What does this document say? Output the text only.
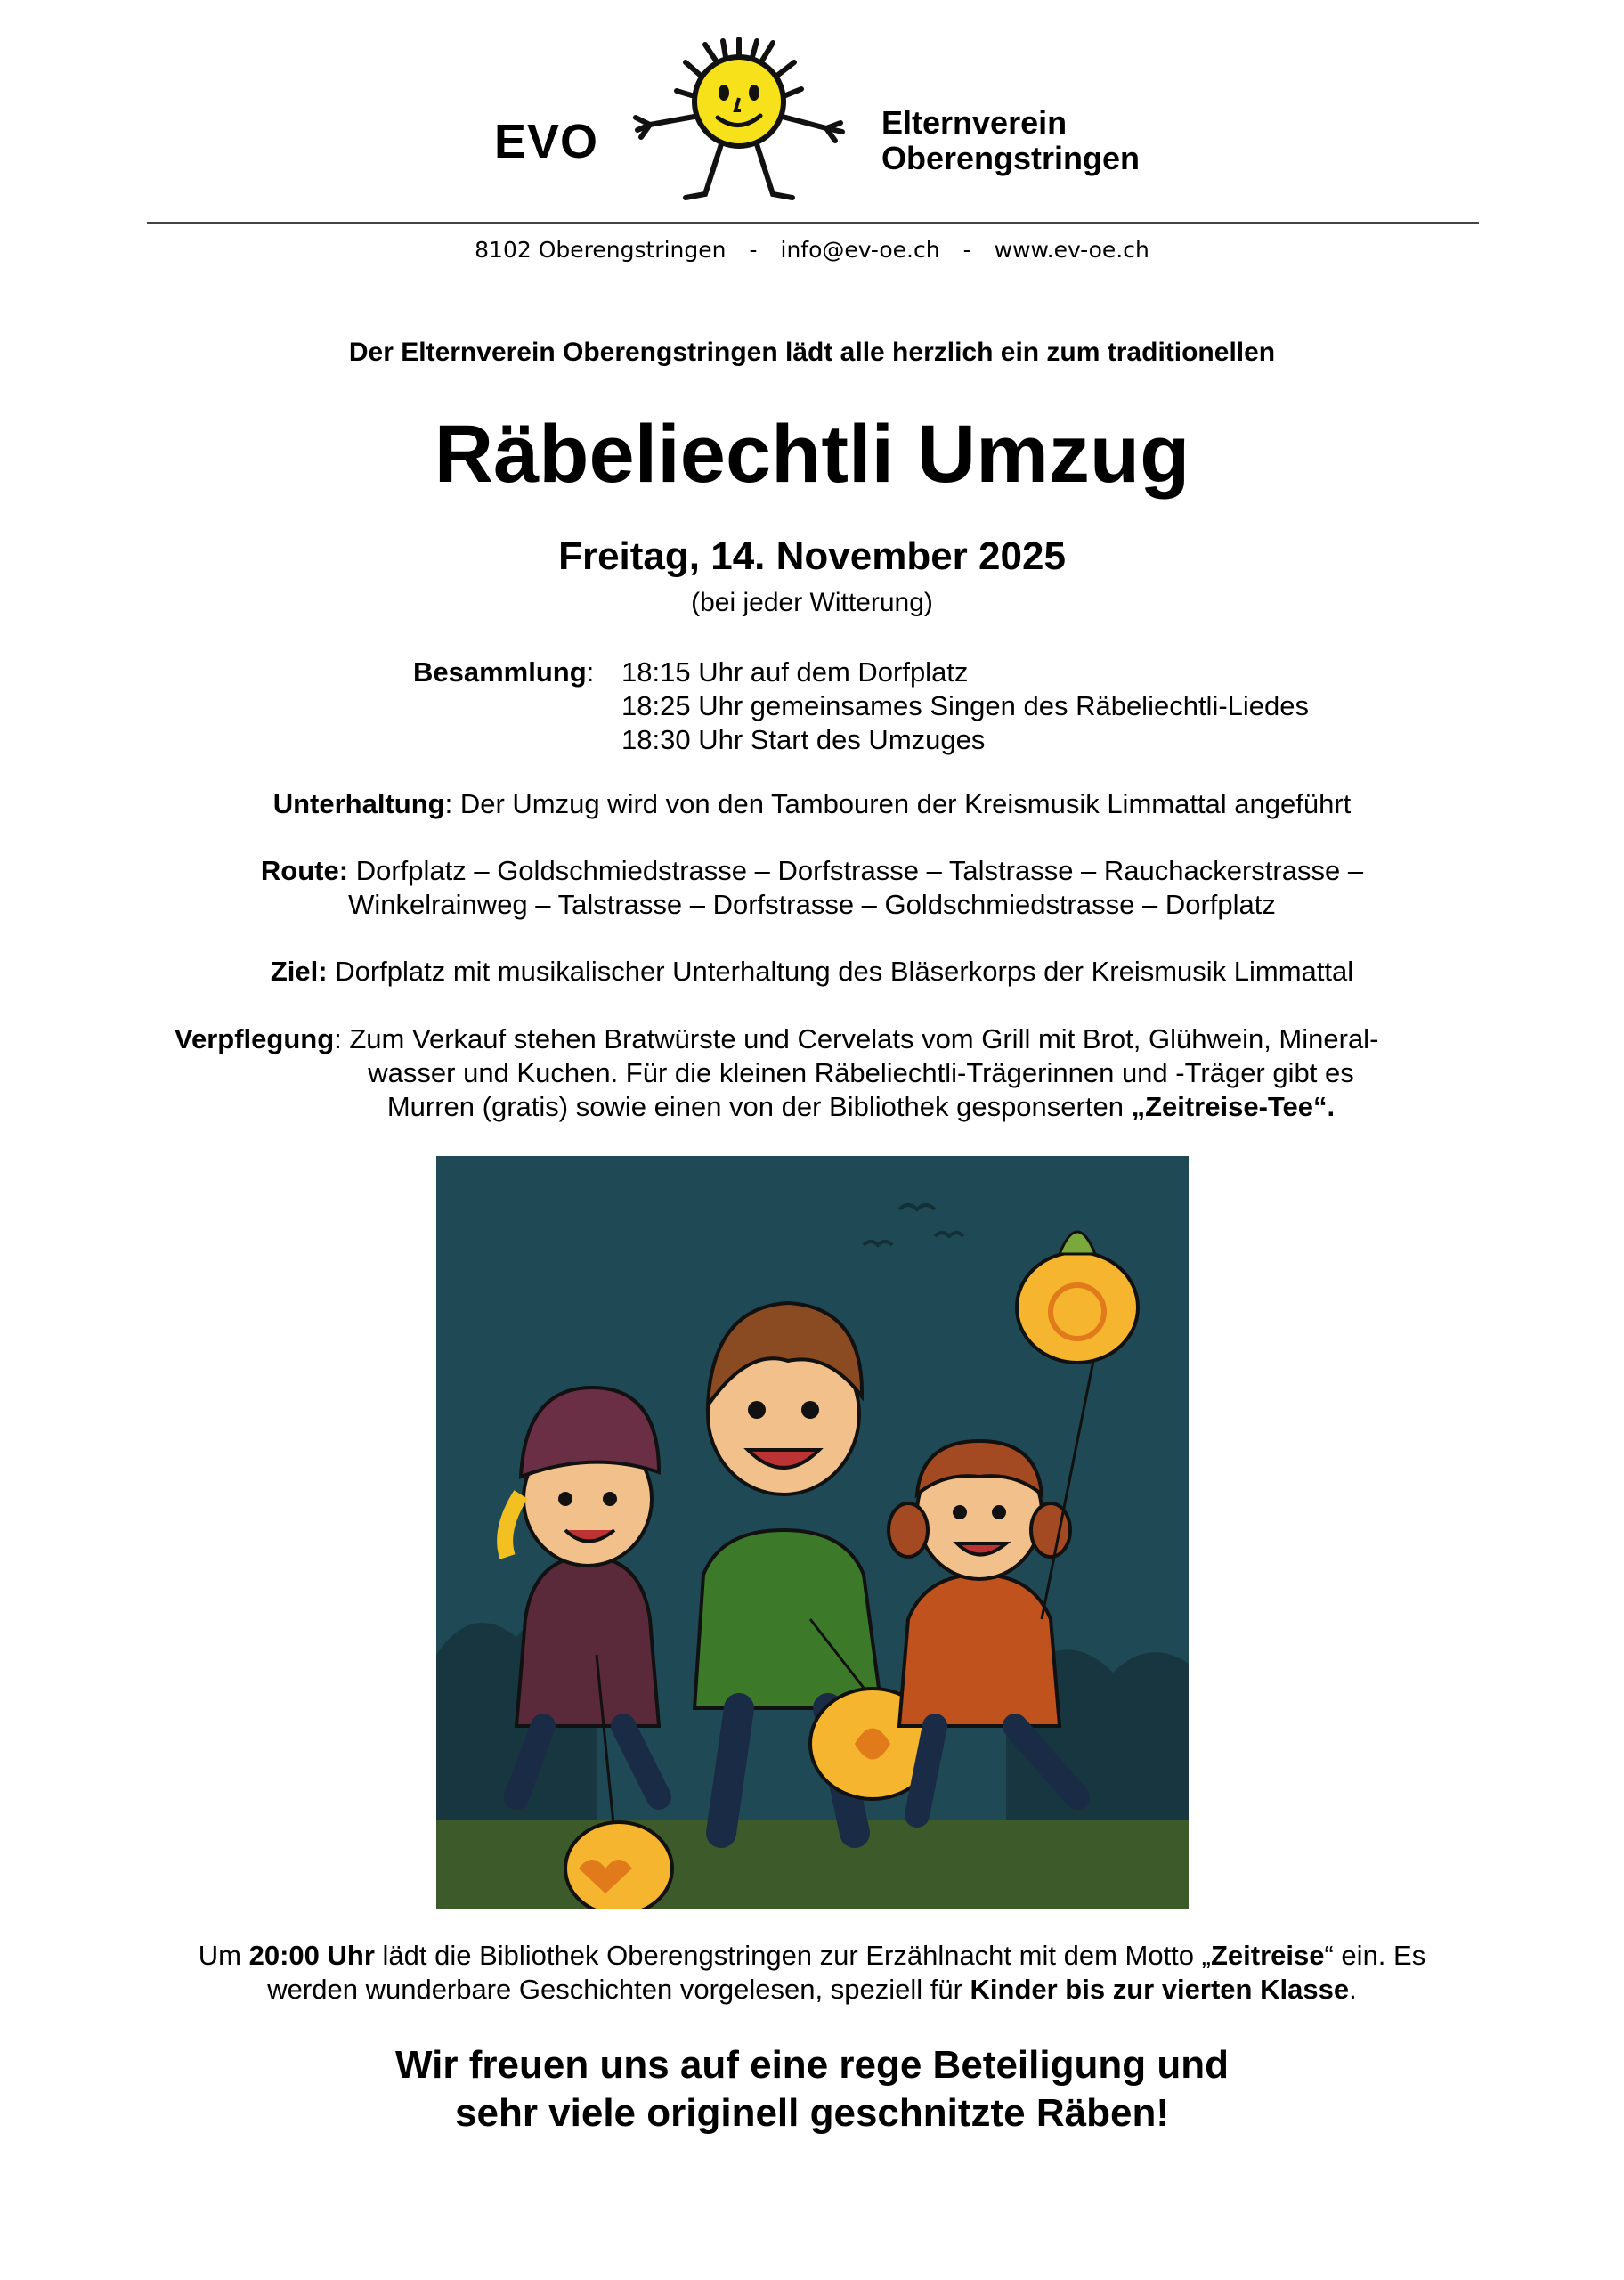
EVO	Elternverein
Oberengstringen
8102 Oberengstringen - info@ev-oe.ch - www.ev-oe.ch
Der Elternverein Oberengstringen lädt alle herzlich ein zum traditionellen
Räbeliechtli Umzug
Freitag, 14. November 2025
(bei jeder Witterung)
Besammlung: 18:15 Uhr auf dem Dorfplatz
18:25 Uhr gemeinsames Singen des Räbeliechtli-Liedes
18:30 Uhr Start des Umzuges
Unterhaltung: Der Umzug wird von den Tambouren der Kreismusik Limmattal angeführt
Route: Dorfplatz – Goldschmiedstrasse – Dorfstrasse – Talstrasse – Rauchackerstrasse –
Winkelrainweg – Talstrasse – Dorfstrasse – Goldschmiedstrasse – Dorfplatz
Ziel: Dorfplatz mit musikalischer Unterhaltung des Bläserkorps der Kreismusik Limmattal
Verpflegung: Zum Verkauf stehen Bratwürste und Cervelats vom Grill mit Brot, Glühwein, Mineral-
wasser und Kuchen. Für die kleinen Räbeliechtli-Trägerinnen und -Träger gibt es
Murren (gratis) sowie einen von der Bibliothek gesponserten „Zeitreise-Tee“.
Um 20:00 Uhr lädt die Bibliothek Oberengstringen zur Erzählnacht mit dem Motto „Zeitreise“ ein. Es
werden wunderbare Geschichten vorgelesen, speziell für Kinder bis zur vierten Klasse.
Wir freuen uns auf eine rege Beteiligung und
sehr viele originell geschnitzte Räben!
